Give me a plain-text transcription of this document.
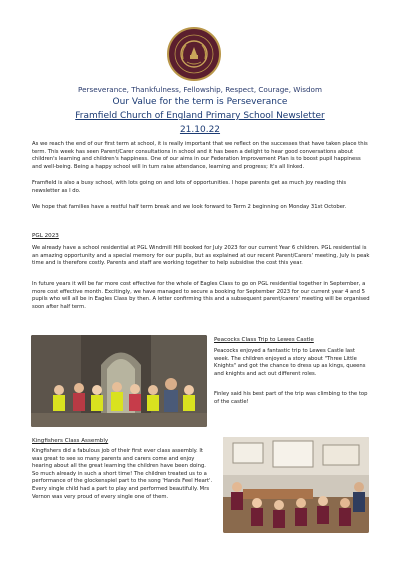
Perseverance, Thankfulness, Fellowship, Respect, Courage, Wisdom
Our Value for the term is Perseverance
Framfield Church of England Primary School Newsletter
21.10.22
As we reach the end of our first term at school, it is really important that we reflect on the successes that have taken place this term. This week has seen Parent/Carer consultations in school and it has been a delight to hear good conversations about children's learning and children's happiness. One of our aims in our Federation Improvement Plan is to boost pupil happiness and well-being. Being a happy school will in turn raise attendance, learning and progress; It's all linked.
Framfield is also a busy school, with lots going on and lots of opportunities. I hope parents get as much joy reading this newsletter as I do.
We hope that families have a restful half term break and we look forward to Term 2 beginning on Monday 31st October.
PGL 2023
We already have a school residential at PGL Windmill Hill booked for July 2023 for our current Year 6 children. PGL residential is an amazing opportunity and a special memory for our pupils, but as explained at our recent Parent/Carers' meeting, July is peak time and is therefore costly. Parents and staff are working together to help subsidise the cost this year.
In future years it will be far more cost effective for the whole of Eagles Class to go on PGL residential together in September, a more cost effective month. Excitingly, we have managed to secure a booking for September 2023 for our current year 4 and 5 pupils who will all be in Eagles Class by then. A letter confirming this and a subsequent parent/carers' meeting will be organised soon after half term.
Peacocks Class Trip to Lewes Castle
Peacocks enjoyed a fantastic trip to Lewes Castle last week. The children enjoyed a story about "Three Little Knights" and got the chance to dress up as kings, queens and knights and act out different roles.
Finley said his best part of the trip was climbing to the top of the castle!
Kingfishers Class Assembly
Kingfishers did a fabulous job of their first ever class assembly. It was great to see so many parents and carers come and enjoy hearing about all the great learning the children have been doing. So much already in such a short time! The children treated us to a performance of the glockenspiel part to the song 'Hands Feel Heart'. Every single child had a part to play and performed beautifully. Mrs Vernon was very proud of every single one of them.
